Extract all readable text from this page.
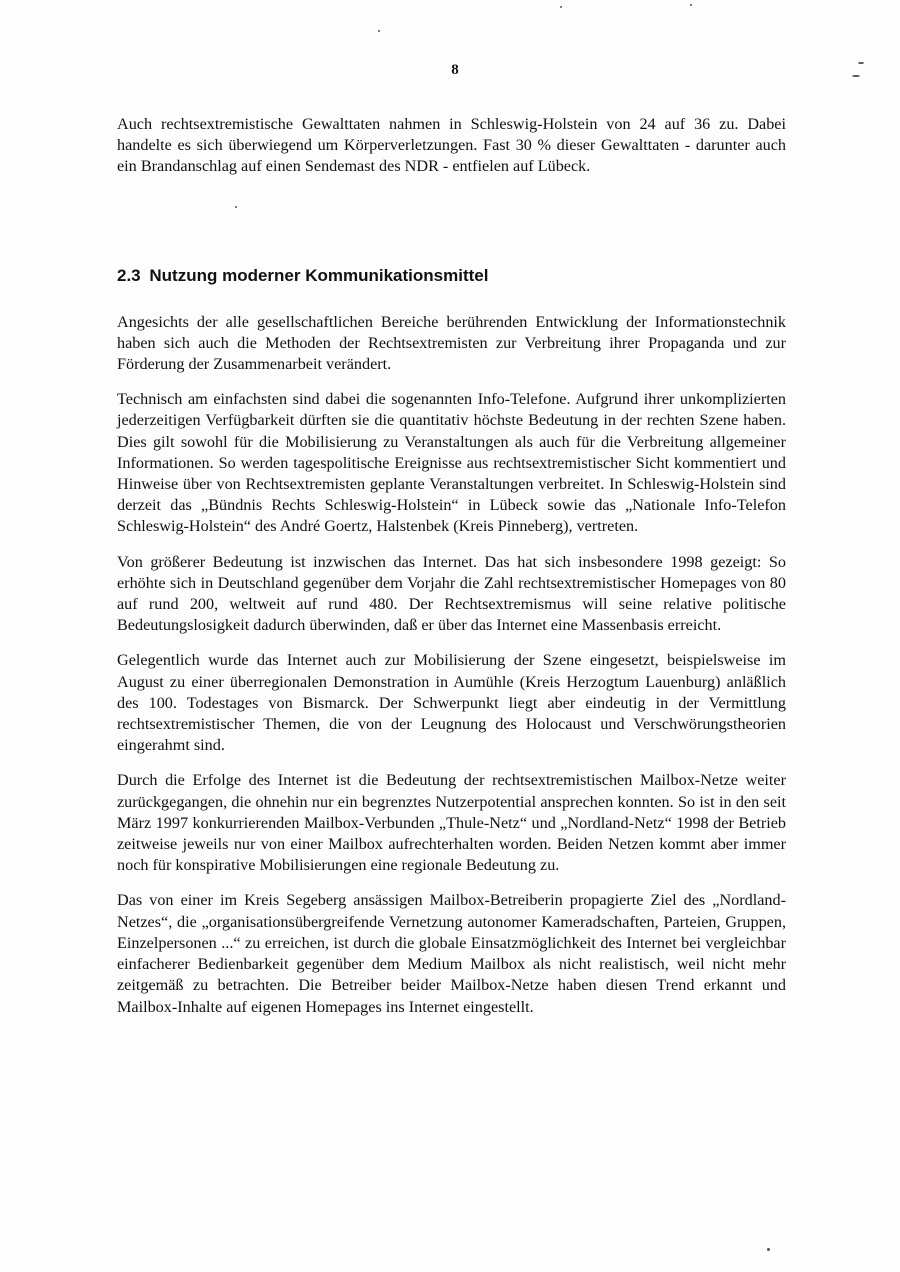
8

Auch rechtsextremistische Gewalttaten nahmen in Schleswig-Holstein von 24 auf 36 zu. Dabei handelte es sich überwiegend um Körperverletzungen. Fast 30 % dieser Gewalttaten - darunter auch ein Brandanschlag auf einen Sendemast des NDR - entfielen auf Lübeck.

2.3 Nutzung moderner Kommunikationsmittel

Angesichts der alle gesellschaftlichen Bereiche berührenden Entwicklung der Informationstechnik haben sich auch die Methoden der Rechtsextremisten zur Verbreitung ihrer Propaganda und zur Förderung der Zusammenarbeit verändert.

Technisch am einfachsten sind dabei die sogenannten Info-Telefone. Aufgrund ihrer unkomplizierten jederzeitigen Verfügbarkeit dürften sie die quantitativ höchste Bedeutung in der rechten Szene haben. Dies gilt sowohl für die Mobilisierung zu Veranstaltungen als auch für die Verbreitung allgemeiner Informationen. So werden tagespolitische Ereignisse aus rechtsextremistischer Sicht kommentiert und Hinweise über von Rechtsextremisten geplante Veranstaltungen verbreitet. In Schleswig-Holstein sind derzeit das „Bündnis Rechts Schleswig-Holstein“ in Lübeck sowie das „Nationale Info-Telefon Schleswig-Holstein“ des André Goertz, Halstenbek (Kreis Pinneberg), vertreten.

Von größerer Bedeutung ist inzwischen das Internet. Das hat sich insbesondere 1998 gezeigt: So erhöhte sich in Deutschland gegenüber dem Vorjahr die Zahl rechtsextremistischer Homepages von 80 auf rund 200, weltweit auf rund 480. Der Rechtsextremismus will seine relative politische Bedeutungslosigkeit dadurch überwinden, daß er über das Internet eine Massenbasis erreicht.

Gelegentlich wurde das Internet auch zur Mobilisierung der Szene eingesetzt, beispielsweise im August zu einer überregionalen Demonstration in Aumühle (Kreis Herzogtum Lauenburg) anläßlich des 100. Todestages von Bismarck. Der Schwerpunkt liegt aber eindeutig in der Vermittlung rechtsextremistischer Themen, die von der Leugnung des Holocaust und Verschwörungstheorien eingerahmt sind.

Durch die Erfolge des Internet ist die Bedeutung der rechtsextremistischen Mailbox-Netze weiter zurückgegangen, die ohnehin nur ein begrenztes Nutzerpotential ansprechen konnten. So ist in den seit März 1997 konkurrierenden Mailbox-Verbunden „Thule-Netz“ und „Nordland-Netz“ 1998 der Betrieb zeitweise jeweils nur von einer Mailbox aufrechterhalten worden. Beiden Netzen kommt aber immer noch für konspirative Mobilisierungen eine regionale Bedeutung zu.

Das von einer im Kreis Segeberg ansässigen Mailbox-Betreiberin propagierte Ziel des „Nordland-Netzes“, die „organisationsübergreifende Vernetzung autonomer Kameradschaften, Parteien, Gruppen, Einzelpersonen ...“ zu erreichen, ist durch die globale Einsatzmöglichkeit des Internet bei vergleichbar einfacherer Bedienbarkeit gegenüber dem Medium Mailbox als nicht realistisch, weil nicht mehr zeitgemäß zu betrachten. Die Betreiber beider Mailbox-Netze haben diesen Trend erkannt und Mailbox-Inhalte auf eigenen Homepages ins Internet eingestellt.
